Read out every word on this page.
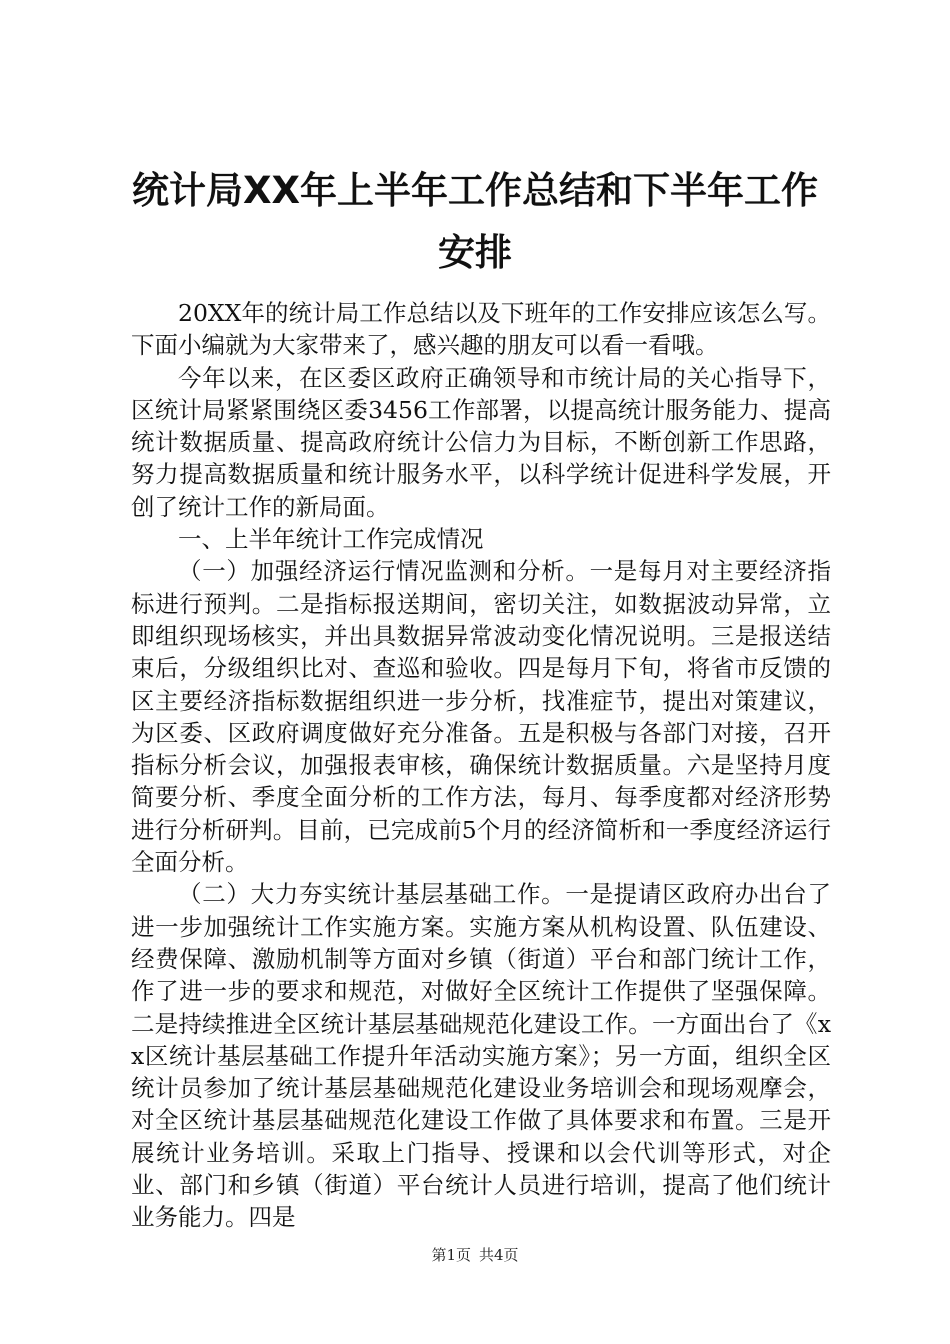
统计局XX年上半年工作总结和下半年工作安排

20XX年的统计局工作总结以及下班年的工作安排应该怎么写。下面小编就为大家带来了，感兴趣的朋友可以看一看哦。

今年以来，在区委区政府正确领导和市统计局的关心指导下，区统计局紧紧围绕区委3456工作部署，以提高统计服务能力、提高统计数据质量、提高政府统计公信力为目标，不断创新工作思路，努力提高数据质量和统计服务水平，以科学统计促进科学发展，开创了统计工作的新局面。

一、上半年统计工作完成情况

（一）加强经济运行情况监测和分析。一是每月对主要经济指标进行预判。二是指标报送期间，密切关注，如数据波动异常，立即组织现场核实，并出具数据异常波动变化情况说明。三是报送结束后，分级组织比对、查巡和验收。四是每月下旬，将省市反馈的区主要经济指标数据组织进一步分析，找准症节，提出对策建议，为区委、区政府调度做好充分准备。五是积极与各部门对接，召开指标分析会议，加强报表审核，确保统计数据质量。六是坚持月度简要分析、季度全面分析的工作方法，每月、每季度都对经济形势进行分析研判。目前，已完成前5个月的经济简析和一季度经济运行全面分析。

（二）大力夯实统计基层基础工作。一是提请区政府办出台了进一步加强统计工作实施方案。实施方案从机构设置、队伍建设、经费保障、激励机制等方面对乡镇（街道）平台和部门统计工作，作了进一步的要求和规范，对做好全区统计工作提供了坚强保障。二是持续推进全区统计基层基础规范化建设工作。一方面出台了《xx区统计基层基础工作提升年活动实施方案》；另一方面，组织全区统计员参加了统计基层基础规范化建设业务培训会和现场观摩会，对全区统计基层基础规范化建设工作做了具体要求和布置。三是开展统计业务培训。采取上门指导、授课和以会代训等形式，对企业、部门和乡镇（街道）平台统计人员进行培训，提高了他们统计业务能力。四是

第1页 共4页
